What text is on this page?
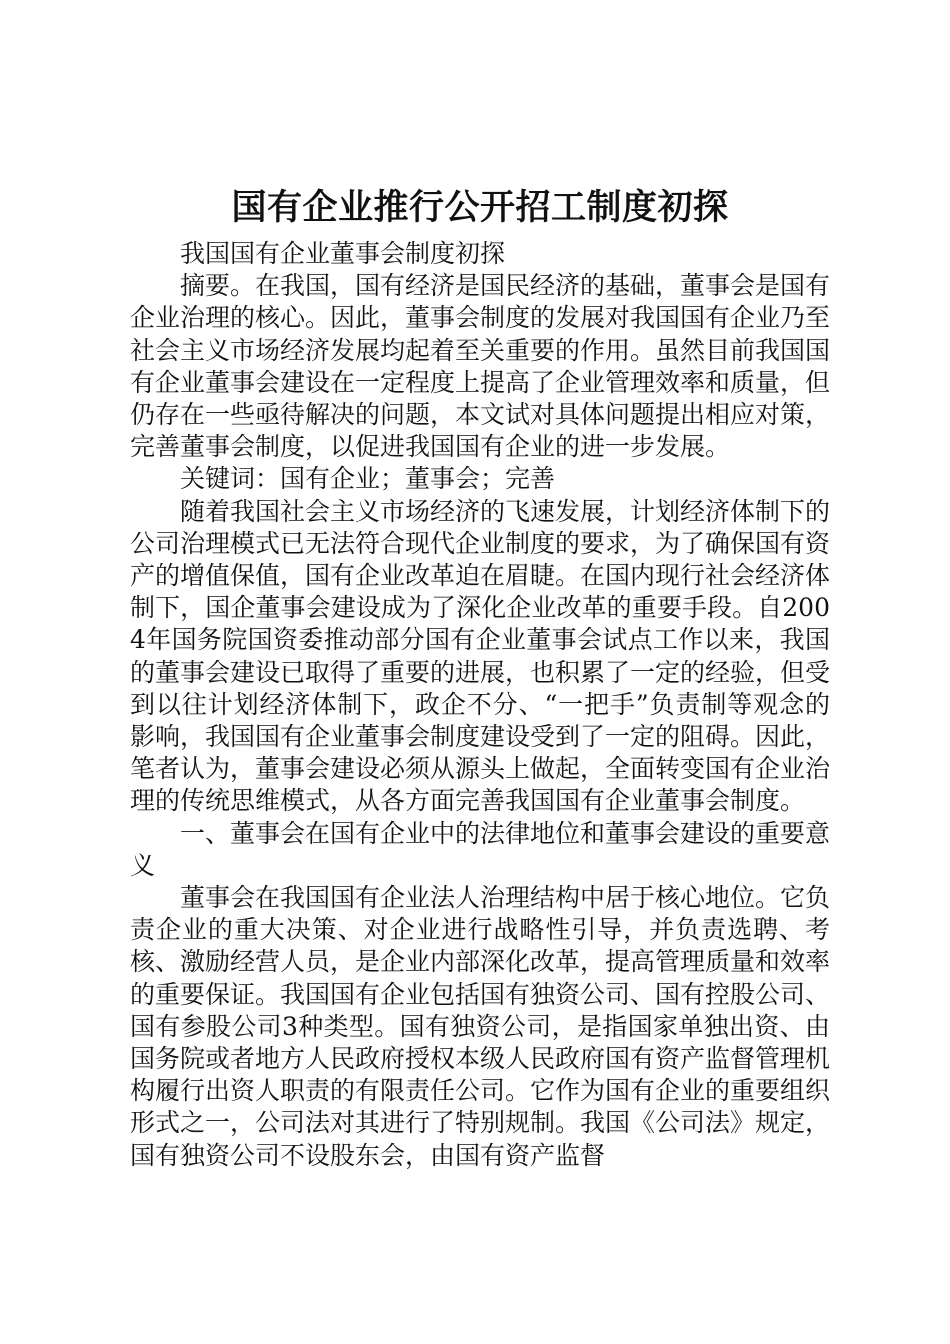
国有企业推行公开招工制度初探

我国国有企业董事会制度初探

摘要。在我国，国有经济是国民经济的基础，董事会是国有企业治理的核心。因此，董事会制度的发展对我国国有企业乃至社会主义市场经济发展均起着至关重要的作用。虽然目前我国国有企业董事会建设在一定程度上提高了企业管理效率和质量，但仍存在一些亟待解决的问题，本文试对具体问题提出相应对策，完善董事会制度，以促进我国国有企业的进一步发展。

关键词：国有企业；董事会；完善

随着我国社会主义市场经济的飞速发展，计划经济体制下的公司治理模式已无法符合现代企业制度的要求，为了确保国有资产的增值保值，国有企业改革迫在眉睫。在国内现行社会经济体制下，国企董事会建设成为了深化企业改革的重要手段。自2004年国务院国资委推动部分国有企业董事会试点工作以来，我国的董事会建设已取得了重要的进展，也积累了一定的经验，但受到以往计划经济体制下，政企不分、“一把手”负责制等观念的影响，我国国有企业董事会制度建设受到了一定的阻碍。因此，笔者认为，董事会建设必须从源头上做起，全面转变国有企业治理的传统思维模式，从各方面完善我国国有企业董事会制度。

一、董事会在国有企业中的法律地位和董事会建设的重要意义

董事会在我国国有企业法人治理结构中居于核心地位。它负责企业的重大决策、对企业进行战略性引导，并负责选聘、考核、激励经营人员，是企业内部深化改革，提高管理质量和效率的重要保证。我国国有企业包括国有独资公司、国有控股公司、国有参股公司3种类型。国有独资公司，是指国家单独出资、由国务院或者地方人民政府授权本级人民政府国有资产监督管理机构履行出资人职责的有限责任公司。它作为国有企业的重要组织形式之一，公司法对其进行了特别规制。我国《公司法》规定，国有独资公司不设股东会，由国有资产监督
